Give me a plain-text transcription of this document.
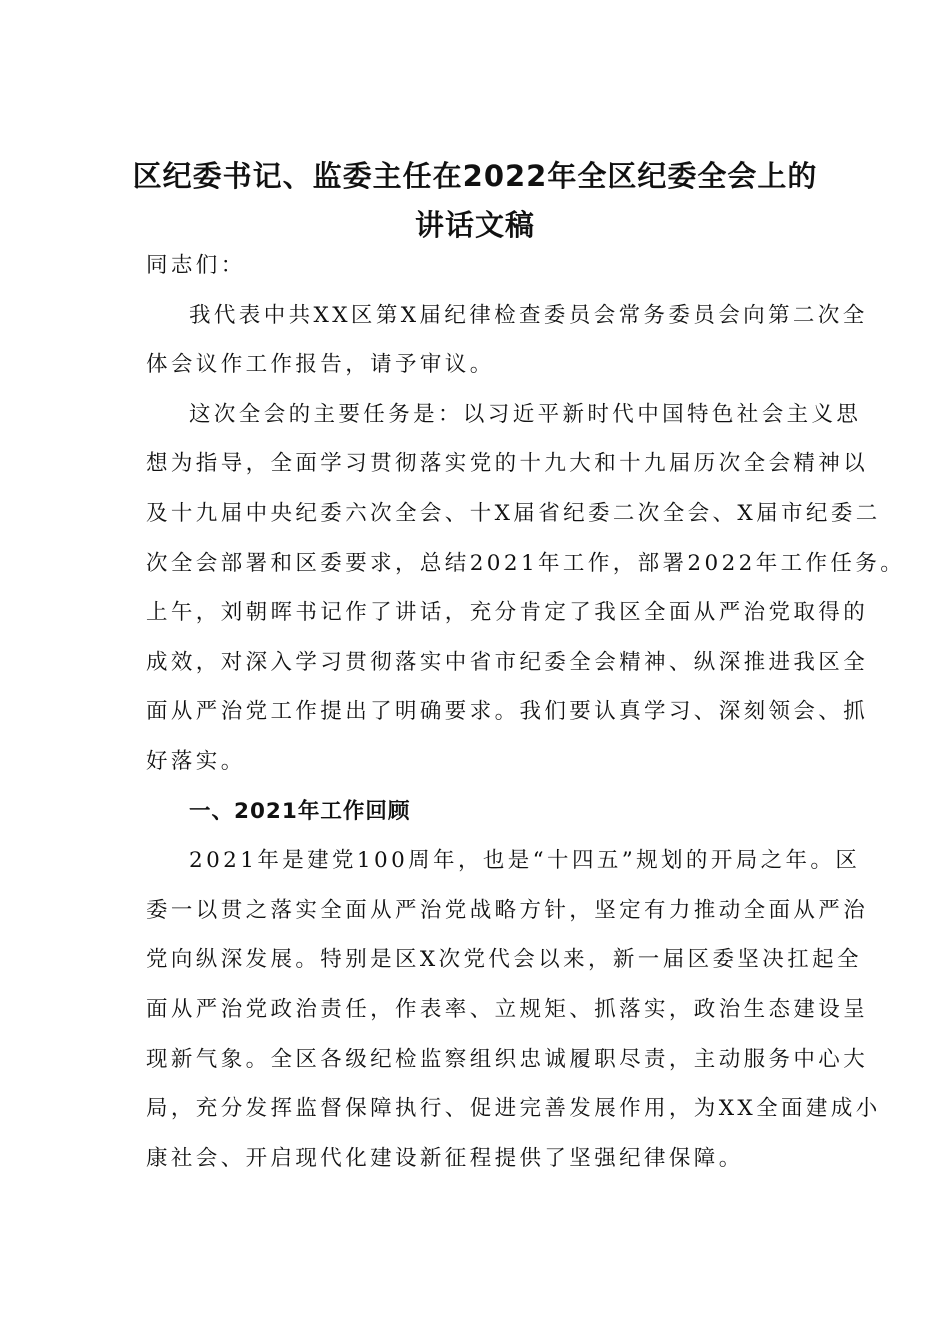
区纪委书记、监委主任在2022年全区纪委全会上的
讲话文稿
同志们：
我代表中共XX区第X届纪律检查委员会常务委员会向第二次全
体会议作工作报告，请予审议。
这次全会的主要任务是：以习近平新时代中国特色社会主义思
想为指导，全面学习贯彻落实党的十九大和十九届历次全会精神以
及十九届中央纪委六次全会、十X届省纪委二次全会、X届市纪委二
次全会部署和区委要求，总结2021年工作，部署2022年工作任务。
上午，刘朝晖书记作了讲话，充分肯定了我区全面从严治党取得的
成效，对深入学习贯彻落实中省市纪委全会精神、纵深推进我区全
面从严治党工作提出了明确要求。我们要认真学习、深刻领会、抓
好落实。
一、2021年工作回顾
2021年是建党100周年，也是“十四五”规划的开局之年。区
委一以贯之落实全面从严治党战略方针，坚定有力推动全面从严治
党向纵深发展。特别是区X次党代会以来，新一届区委坚决扛起全
面从严治党政治责任，作表率、立规矩、抓落实，政治生态建设呈
现新气象。全区各级纪检监察组织忠诚履职尽责，主动服务中心大
局，充分发挥监督保障执行、促进完善发展作用，为XX全面建成小
康社会、开启现代化建设新征程提供了坚强纪律保障。
